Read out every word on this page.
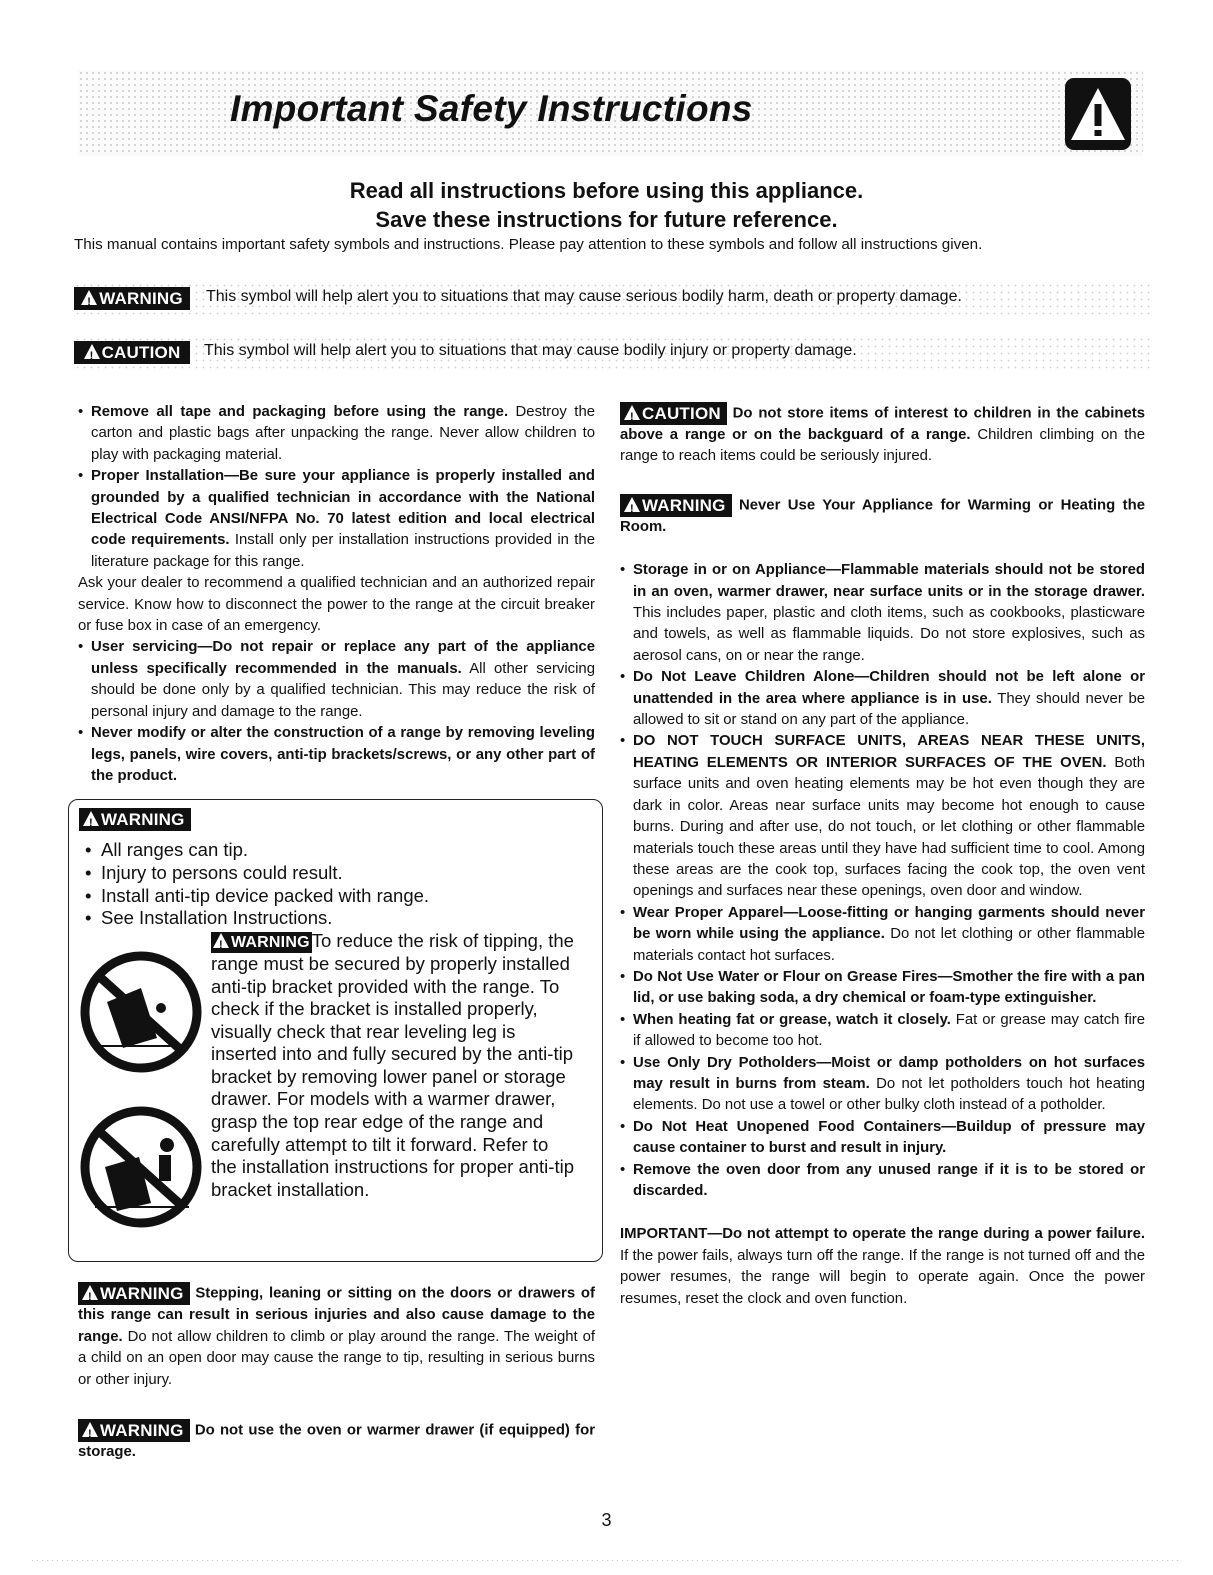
Important Safety Instructions
Read all instructions before using this appliance.
Save these instructions for future reference.
This manual contains important safety symbols and instructions. Please pay attention to these symbols and follow all instructions given.
!WARNING	This symbol will help alert you to situations that may cause serious bodily harm, death or property damage.
!CAUTION	This symbol will help alert you to situations that may cause bodily injury or property damage.

• Remove all tape and packaging before using the range. Destroy the carton and plastic bags after unpacking the range. Never allow children to play with packaging material.

• Proper Installation—Be sure your appliance is properly installed and grounded by a qualified technician in accordance with the National Electrical Code ANSI/NFPA No. 70 latest edition and local electrical code requirements. Install only per installation instructions provided in the literature package for this range.

Ask your dealer to recommend a qualified technician and an authorized repair service. Know how to disconnect the power to the range at the circuit breaker or fuse box in case of an emergency.

• User servicing—Do not repair or replace any part of the appliance unless specifically recommended in the manuals. All other servicing should be done only by a qualified technician. This may reduce the risk of personal injury and damage to the range.

• Never modify or alter the construction of a range by removing leveling legs, panels, wire covers, anti-tip brackets/screws, or any other part of the product.

!WARNING
• All ranges can tip.
• Injury to persons could result.
• Install anti-tip device packed with range.
• See Installation Instructions.
!WARNING To reduce the risk of tipping, the range must be secured by properly installed anti-tip bracket provided with the range. To check if the bracket is installed properly, visually check that rear leveling leg is inserted into and fully secured by the anti-tip bracket by removing lower panel or storage drawer. For models with a warmer drawer, grasp the top rear edge of the range and carefully attempt to tilt it forward. Refer to the installation instructions for proper anti-tip bracket installation.

!WARNING Stepping, leaning or sitting on the doors or drawers of this range can result in serious injuries and also cause damage to the range. Do not allow children to climb or play around the range. The weight of a child on an open door may cause the range to tip, resulting in serious burns or other injury.

!WARNING Do not use the oven or warmer drawer (if equipped) for storage.

!CAUTION Do not store items of interest to children in the cabinets above a range or on the backguard of a range. Children climbing on the range to reach items could be seriously injured.

!WARNING Never Use Your Appliance for Warming or Heating the Room.

• Storage in or on Appliance—Flammable materials should not be stored in an oven, warmer drawer, near surface units or in the storage drawer. This includes paper, plastic and cloth items, such as cookbooks, plasticware and towels, as well as flammable liquids. Do not store explosives, such as aerosol cans, on or near the range.

• Do Not Leave Children Alone—Children should not be left alone or unattended in the area where appliance is in use. They should never be allowed to sit or stand on any part of the appliance.

• DO NOT TOUCH SURFACE UNITS, AREAS NEAR THESE UNITS, HEATING ELEMENTS OR INTERIOR SURFACES OF THE OVEN. Both surface units and oven heating elements may be hot even though they are dark in color. Areas near surface units may become hot enough to cause burns. During and after use, do not touch, or let clothing or other flammable materials touch these areas until they have had sufficient time to cool. Among these areas are the cook top, surfaces facing the cook top, the oven vent openings and surfaces near these openings, oven door and window.

• Wear Proper Apparel—Loose-fitting or hanging garments should never be worn while using the appliance. Do not let clothing or other flammable materials contact hot surfaces.

• Do Not Use Water or Flour on Grease Fires—Smother the fire with a pan lid, or use baking soda, a dry chemical or foam-type extinguisher.

• When heating fat or grease, watch it closely. Fat or grease may catch fire if allowed to become too hot.

• Use Only Dry Potholders—Moist or damp potholders on hot surfaces may result in burns from steam. Do not let potholders touch hot heating elements. Do not use a towel or other bulky cloth instead of a potholder.

• Do Not Heat Unopened Food Containers—Buildup of pressure may cause container to burst and result in injury.

• Remove the oven door from any unused range if it is to be stored or discarded.

IMPORTANT—Do not attempt to operate the range during a power failure. If the power fails, always turn off the range. If the range is not turned off and the power resumes, the range will begin to operate again. Once the power resumes, reset the clock and oven function.

3
